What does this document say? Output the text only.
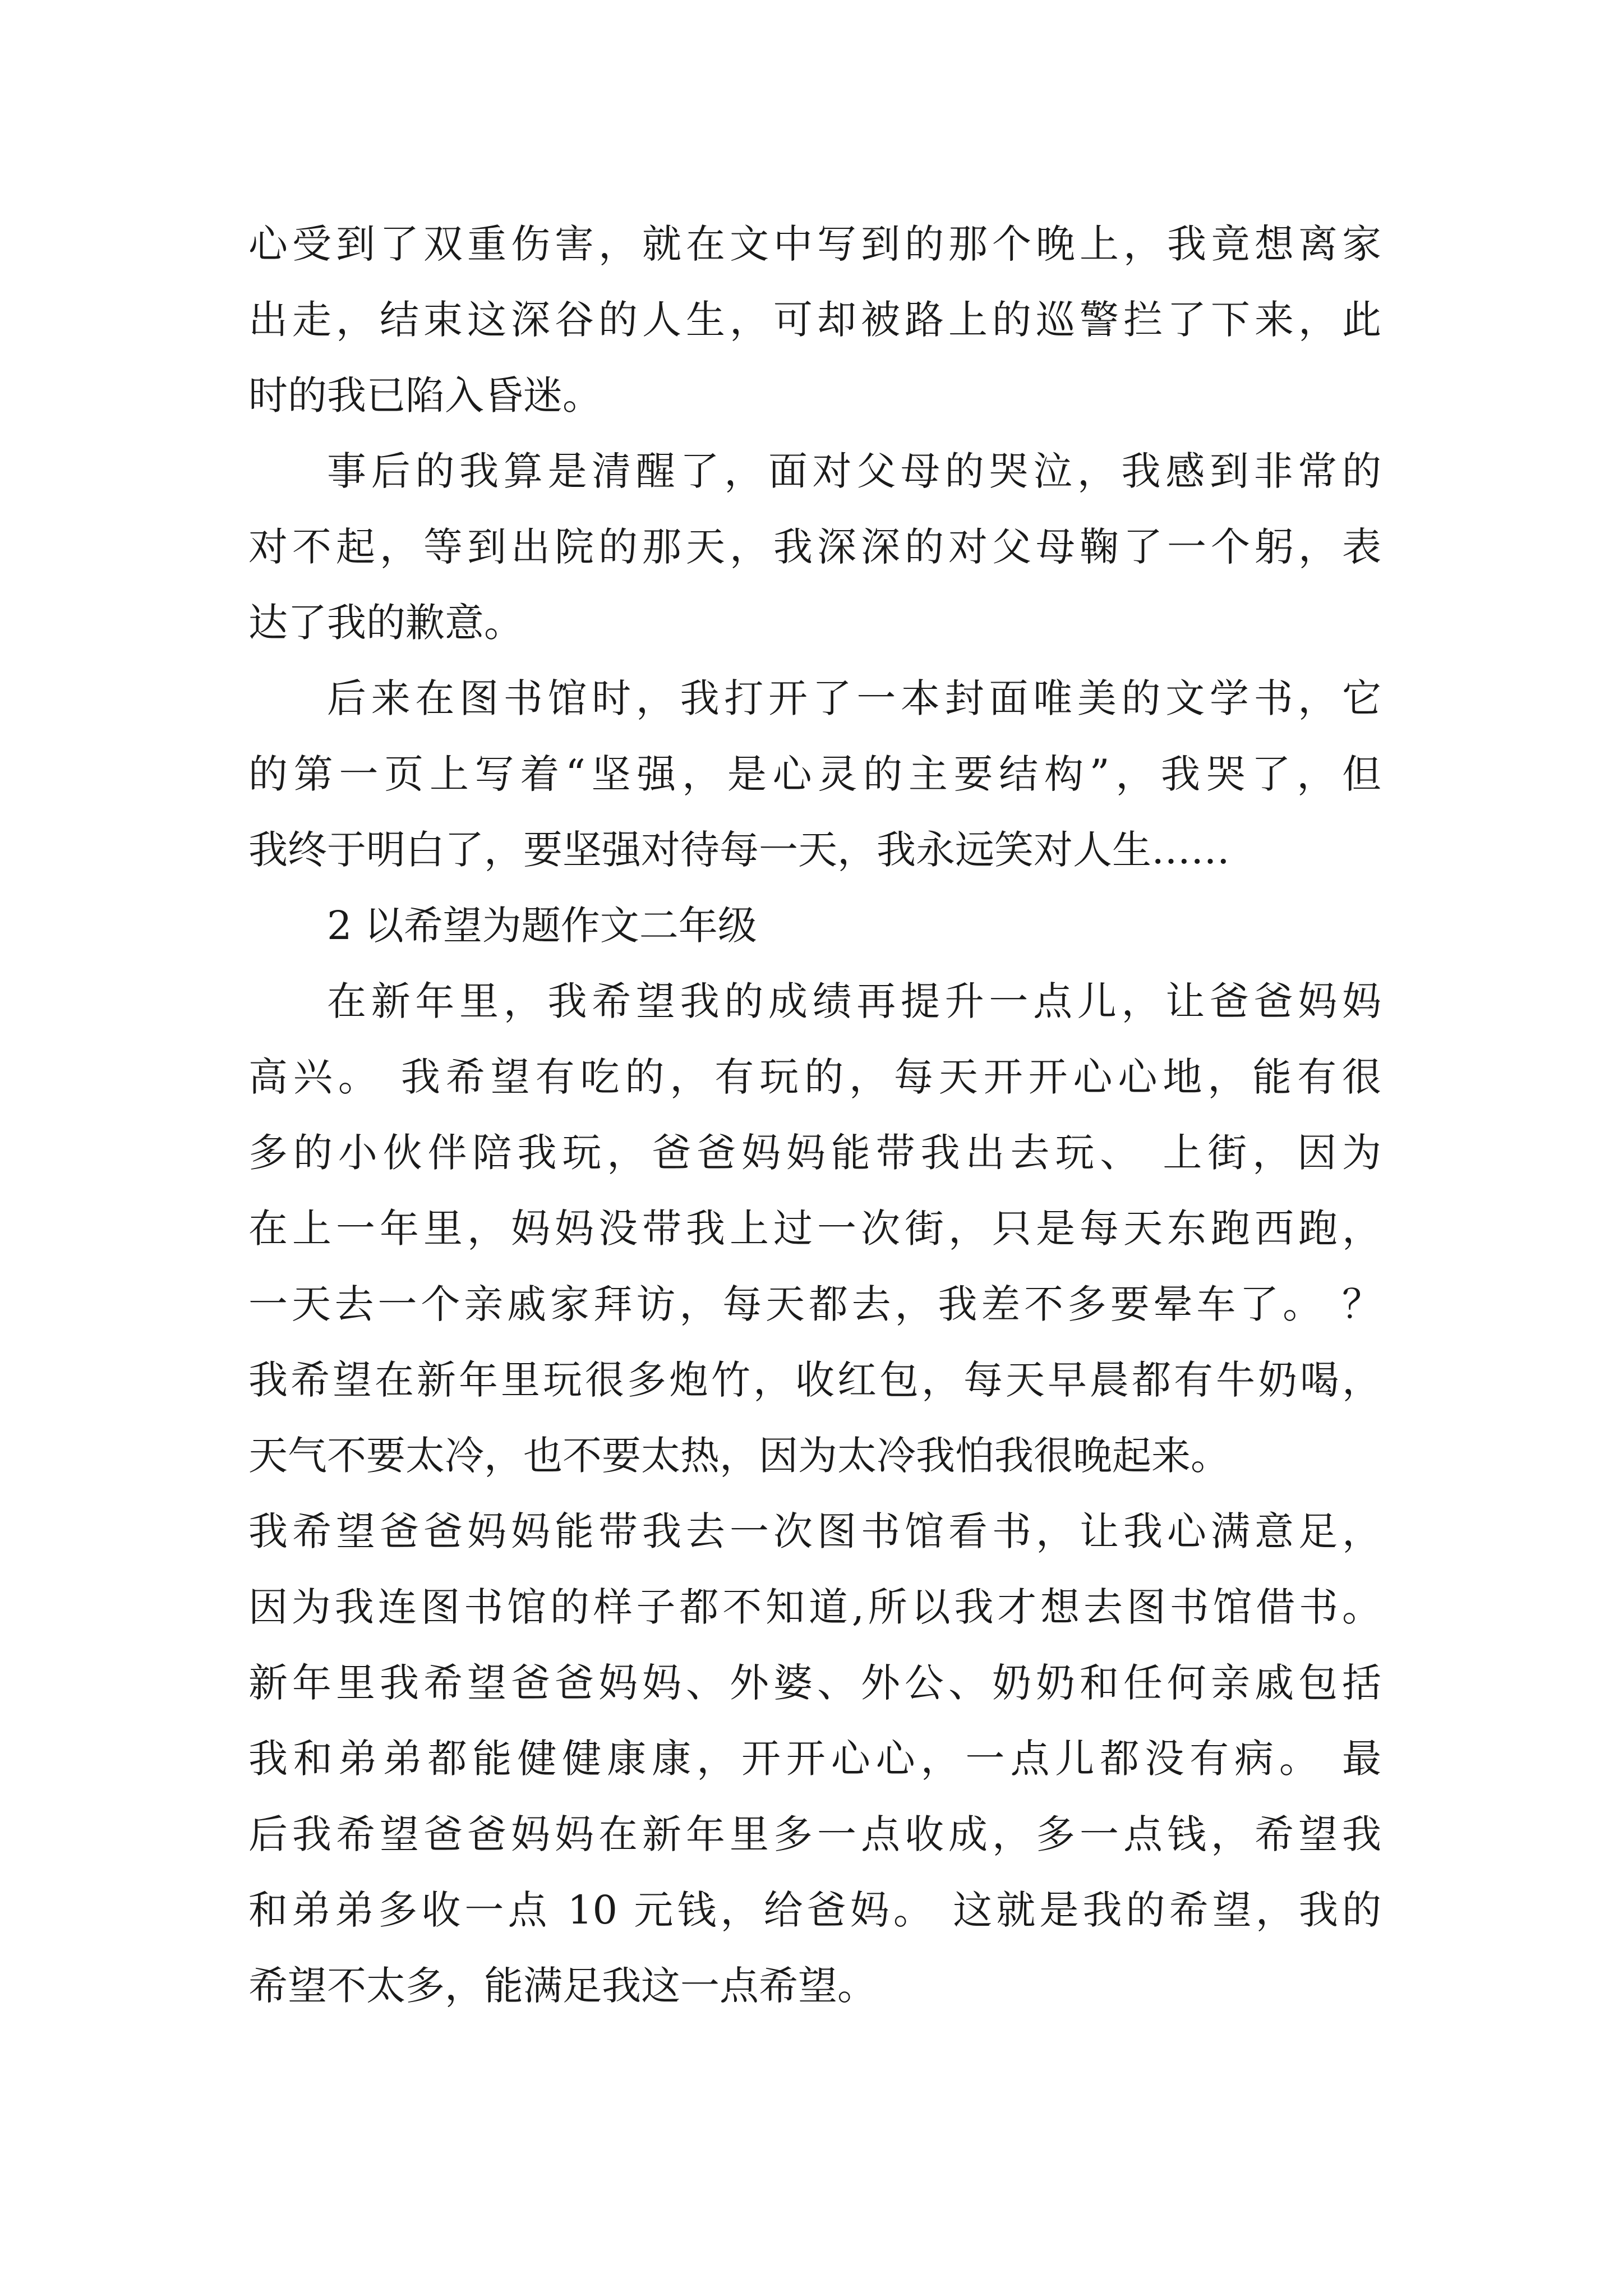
心受到了双重伤害，就在文中写到的那个晚上，我竟想离家
出走，结束这深谷的人生，可却被路上的巡警拦了下来，此
时的我已陷入昏迷。
事后的我算是清醒了，面对父母的哭泣，我感到非常的
对不起，等到出院的那天，我深深的对父母鞠了一个躬，表
达了我的歉意。
后来在图书馆时，我打开了一本封面唯美的文学书，它
的第一页上写着“坚强，是心灵的主要结构”，我哭了，但
我终于明白了，要坚强对待每一天，我永远笑对人生……
2 以希望为题作文二年级
在新年里，我希望我的成绩再提升一点儿，让爸爸妈妈
高兴。 我希望有吃的，有玩的，每天开开心心地，能有很
多的小伙伴陪我玩，爸爸妈妈能带我出去玩、 上街，因为
在上一年里，妈妈没带我上过一次街，只是每天东跑西跑，
一天去一个亲戚家拜访，每天都去，我差不多要晕车了。 ？
我希望在新年里玩很多炮竹，收红包，每天早晨都有牛奶喝，
天气不要太冷，也不要太热，因为太冷我怕我很晚起来。
我希望爸爸妈妈能带我去一次图书馆看书，让我心满意足，
因为我连图书馆的样子都不知道,所以我才想去图书馆借书。
新年里我希望爸爸妈妈、外婆、外公、奶奶和任何亲戚包括
我和弟弟都能健健康康，开开心心，一点儿都没有病。 最
后我希望爸爸妈妈在新年里多一点收成，多一点钱，希望我
和弟弟多收一点 10 元钱，给爸妈。 这就是我的希望，我的
希望不太多，能满足我这一点希望。
